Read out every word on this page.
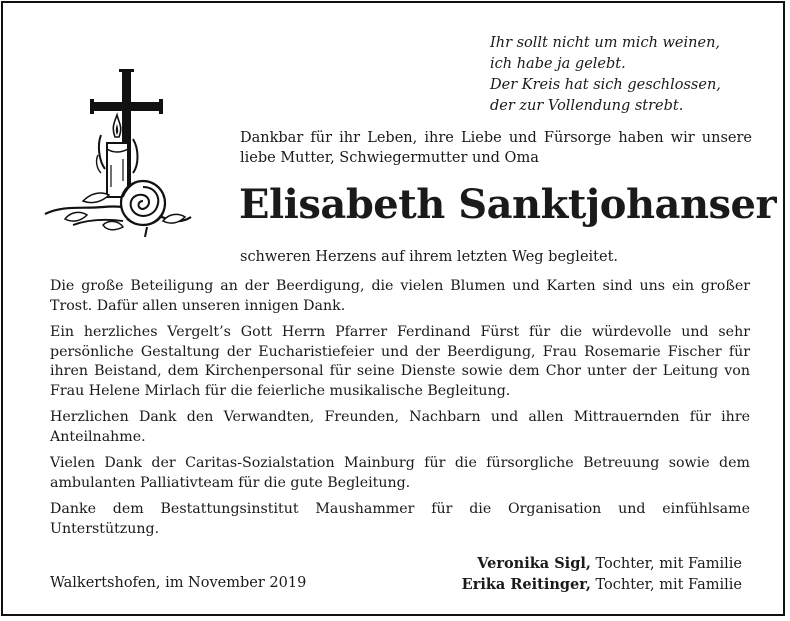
Ihr sollt nicht um mich weinen,
ich habe ja gelebt.
Der Kreis hat sich geschlossen,
der zur Vollendung strebt.
Dankbar für ihr Leben, ihre Liebe und Fürsorge haben wir unsere liebe Mutter, Schwiegermutter und Oma
Elisabeth Sanktjohanser
schweren Herzens auf ihrem letzten Weg begleitet.

Die große Beteiligung an der Beerdigung, die vielen Blumen und Karten sind uns ein großer Trost. Dafür allen unseren innigen Dank.

Ein herzliches Vergelt’s Gott Herrn Pfarrer Ferdinand Fürst für die würdevolle und sehr persönliche Gestaltung der Eucharistiefeier und der Beerdigung, Frau Rosemarie Fischer für ihren Beistand, dem Kirchenpersonal für seine Dienste sowie dem Chor unter der Leitung von Frau Helene Mirlach für die feierliche musikalische Begleitung.

Herzlichen Dank den Verwandten, Freunden, Nachbarn und allen Mittrauernden für ihre Anteilnahme.

Vielen Dank der Caritas-Sozialstation Mainburg für die fürsorgliche Betreuung sowie dem ambulanten Palliativteam für die gute Begleitung.

Danke dem Bestattungsinstitut Maushammer für die Organisation und einfühlsame Unterstützung.

Walkertshofen, im November 2019
Veronika Sigl, Tochter, mit Familie
Erika Reitinger, Tochter, mit Familie
